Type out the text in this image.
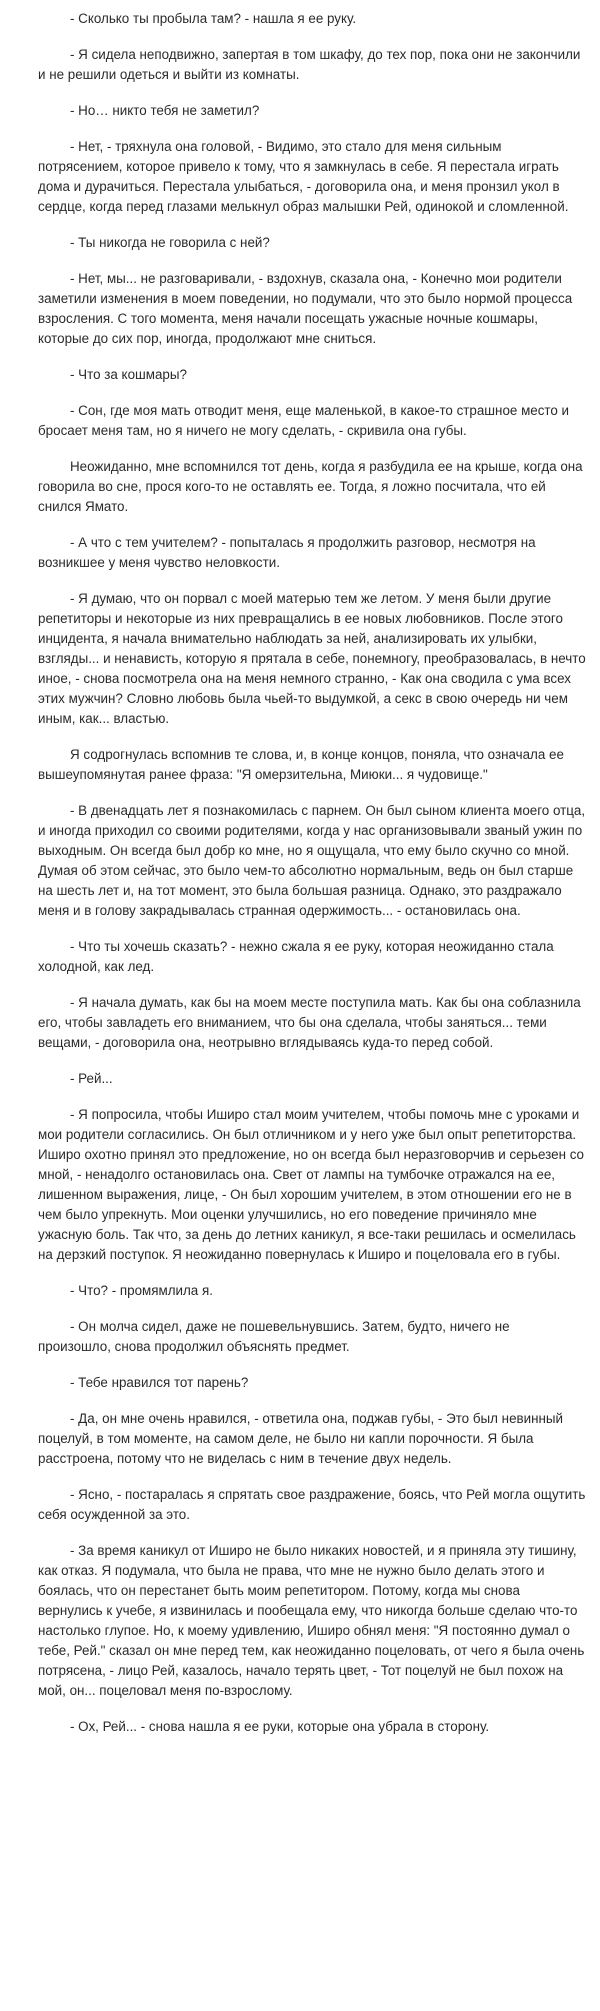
- Сколько ты пробыла там? - нашла я ее руку.

- Я сидела неподвижно, запертая в том шкафу, до тех пор, пока они не закончили и не решили одеться и выйти из комнаты.

- Но… никто тебя не заметил?

- Нет, - тряхнула она головой, - Видимо, это стало для меня сильным потрясением, которое привело к тому, что я замкнулась в себе. Я перестала играть дома и дурачиться. Перестала улыбаться, - договорила она, и меня пронзил укол в сердце, когда перед глазами мелькнул образ малышки Рей, одинокой и сломленной.

- Ты никогда не говорила с ней?

- Нет, мы... не разговаривали, - вздохнув, сказала она, - Конечно мои родители заметили изменения в моем поведении, но подумали, что это было нормой процесса взросления. С того момента, меня начали посещать ужасные ночные кошмары, которые до сих пор, иногда, продолжают мне сниться.

- Что за кошмары?

- Сон, где моя мать отводит меня, еще маленькой, в какое-то страшное место и бросает меня там, но я ничего не могу сделать, - скривила она губы.

Неожиданно, мне вспомнился тот день, когда я разбудила ее на крыше, когда она говорила во сне, прося кого-то не оставлять ее. Тогда, я ложно посчитала, что ей снился Ямато.

- А что с тем учителем? - попыталась я продолжить разговор, несмотря на возникшее у меня чувство неловкости.

- Я думаю, что он порвал с моей матерью тем же летом. У меня были другие репетиторы и некоторые из них превращались в ее новых любовников. После этого инцидента, я начала внимательно наблюдать за ней, анализировать их улыбки, взгляды... и ненависть, которую я прятала в себе, понемногу, преобразовалась, в нечто иное, - снова посмотрела она на меня немного странно, - Как она сводила с ума всех этих мужчин? Словно любовь была чьей-то выдумкой, а секс в свою очередь ни чем иным, как... властью.

Я содрогнулась вспомнив те слова, и, в конце концов, поняла, что означала ее вышеупомянутая ранее фраза: "Я омерзительна, Миюки... я чудовище."

- В двенадцать лет я познакомилась с парнем. Он был сыном клиента моего отца, и иногда приходил со своими родителями, когда у нас организовывали званый ужин по выходным. Он всегда был добр ко мне, но я ощущала, что ему было скучно со мной. Думая об этом сейчас, это было чем-то абсолютно нормальным, ведь он был старше на шесть лет и, на тот момент, это была большая разница. Однако, это раздражало меня и в голову закрадывалась странная одержимость... - остановилась она.

- Что ты хочешь сказать? - нежно сжала я ее руку, которая неожиданно стала холодной, как лед.

- Я начала думать, как бы на моем месте поступила мать. Как бы она соблазнила его, чтобы завладеть его вниманием, что бы она сделала, чтобы заняться... теми вещами, - договорила она, неотрывно вглядываясь куда-то перед собой.

- Рей...

- Я попросила, чтобы Иширо стал моим учителем, чтобы помочь мне с уроками и мои родители согласились. Он был отличником и у него уже был опыт репетиторства. Иширо охотно принял это предложение, но он всегда был неразговорчив и серьезен со мной, - ненадолго остановилась она. Свет от лампы на тумбочке отражался на ее, лишенном выражения, лице, - Он был хорошим учителем, в этом отношении его не в чем было упрекнуть. Мои оценки улучшились, но его поведение причиняло мне ужасную боль. Так что, за день до летних каникул, я все-таки решилась и осмелилась на дерзкий поступок. Я неожиданно повернулась к Иширо и поцеловала его в губы.

- Что? - промямлила я.

- Он молча сидел, даже не пошевельнувшись. Затем, будто, ничего не произошло, снова продолжил объяснять предмет.

- Тебе нравился тот парень?

- Да, он мне очень нравился, - ответила она, поджав губы, - Это был невинный поцелуй, в том моменте, на самом деле, не было ни капли порочности. Я была расстроена, потому что не виделась с ним в течение двух недель.

- Ясно, - постаралась я спрятать свое раздражение, боясь, что Рей могла ощутить себя осужденной за это.

- За время каникул от Иширо не было никаких новостей, и я приняла эту тишину, как отказ. Я подумала, что была не права, что мне не нужно было делать этого и боялась, что он перестанет быть моим репетитором. Потому, когда мы снова вернулись к учебе, я извинилась и пообещала ему, что никогда больше сделаю что-то настолько глупое. Но, к моему удивлению, Иширо обнял меня: "Я постоянно думал о тебе, Рей." сказал он мне перед тем, как неожиданно поцеловать, от чего я была очень потрясена, - лицо Рей, казалось, начало терять цвет, - Тот поцелуй не был похож на мой, он... поцеловал меня по-взрослому.

- Ох, Рей... - снова нашла я ее руки, которые она убрала в сторону.
